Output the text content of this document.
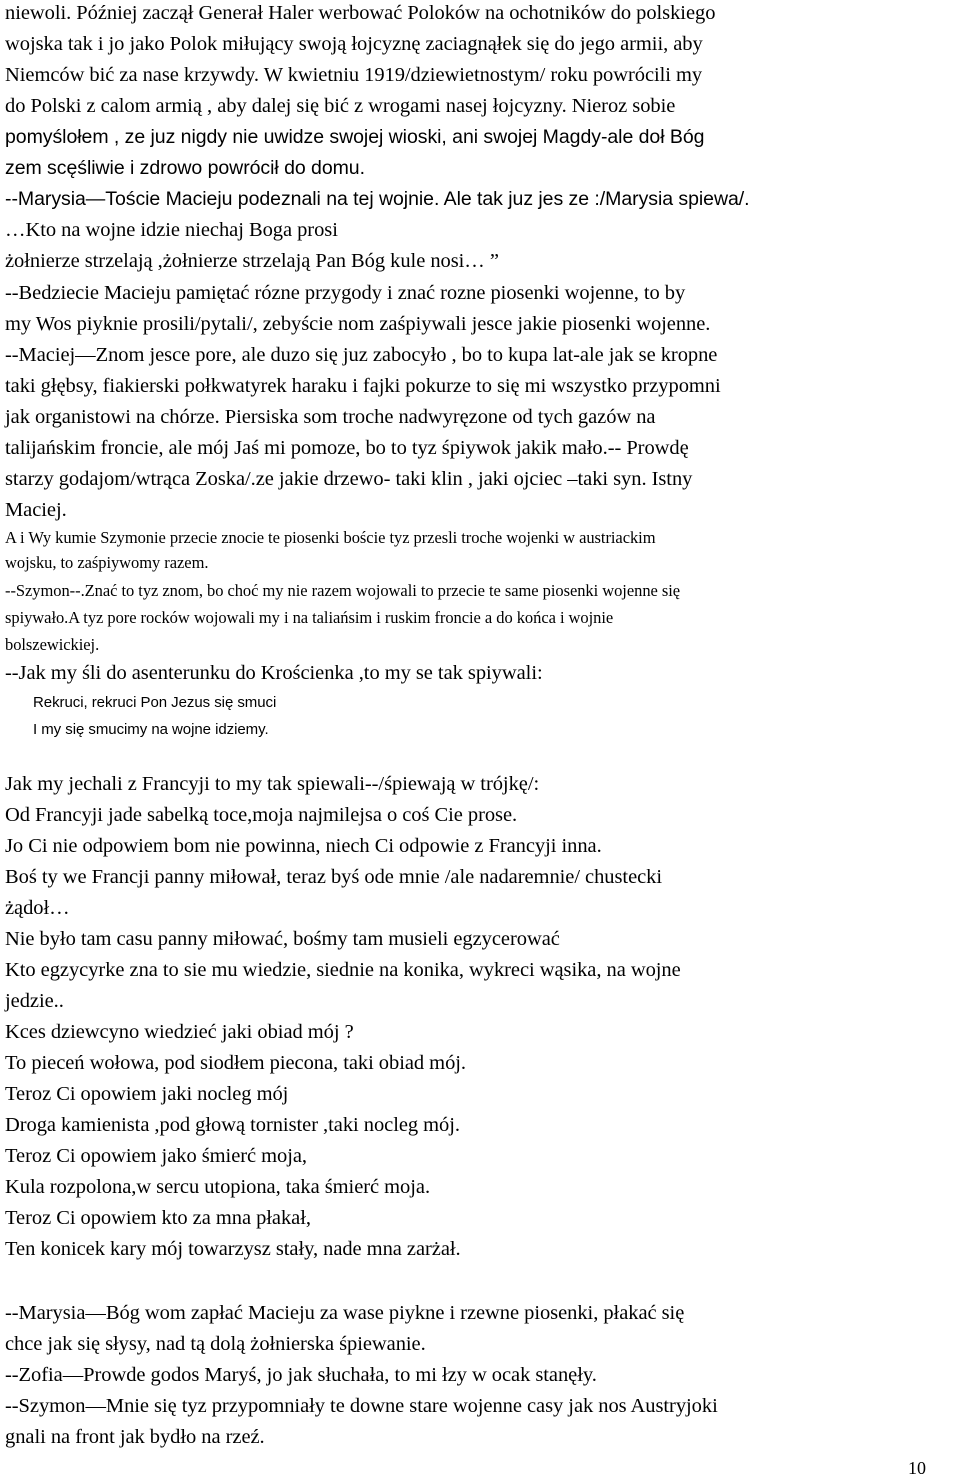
niewoli. Później zaczął Generał Haler werbować Poloków na ochotników do polskiego
wojska tak i jo jako Polok miłujący swoją łojcyznę zaciagnąłek się do jego armii, aby
Niemców bić za nase krzywdy. W kwietniu 1919/dziewietnostym/ roku powrócili my
do Polski z calom armią , aby dalej się bić z wrogami nasej łojcyzny. Nieroz sobie
pomyślołem , ze juz nigdy nie uwidze swojej wioski, ani swojej Magdy-ale doł Bóg
zem scęśliwie i zdrowo powrócił do domu.
--Marysia—Toście Macieju podeznali na tej wojnie. Ale tak juz jes ze :/Marysia spiewa/.
…Kto na wojne idzie niechaj Boga prosi
żołnierze strzelają ,żołnierze strzelają Pan Bóg kule nosi… ”
--Bedziecie Macieju pamiętać rózne przygody i znać rozne piosenki wojenne, to by
my Wos piyknie prosili/pytali/, zebyście nom zaśpiywali jesce jakie piosenki wojenne.
--Maciej—Znom jesce pore, ale duzo się juz zabocyło , bo to kupa lat-ale jak se kropne
taki głębsy, fiakierski połkwatyrek haraku i fajki pokurze to się mi wszystko przypomni
jak organistowi na chórze. Piersiska som troche nadwyręzone od tych gazów na
talijańskim froncie, ale mój Jaś mi pomoze, bo to tyz śpiywok jakik mało.-- Prowdę
starzy godajom/wtrąca Zoska/.ze jakie drzewo- taki klin , jaki ojciec –taki syn. Istny
Maciej.
A i Wy kumie Szymonie przecie znocie te piosenki boście tyz przesli troche wojenki w austriackim
wojsku, to zaśpiywomy razem.
--Szymon--.Znać to tyz znom, bo choć my nie razem wojowali to przecie te same piosenki wojenne się
spiywało.A tyz pore rocków wojowali my i na taliańsim i ruskim froncie a do końca i wojnie
bolszewickiej.
--Jak my śli do asenterunku do Krościenka ,to my se tak spiywali:
Rekruci, rekruci Pon Jezus się smuci
I my się smucimy na wojne idziemy.
Jak my jechali z Francyji to my tak spiewali--/śpiewają w trójkę/:
Od Francyji jade sabelką toce,moja najmilejsa o coś Cie prose.
Jo Ci nie odpowiem bom nie powinna, niech Ci odpowie z Francyji inna.
Boś ty we Francji panny miłował, teraz byś ode mnie /ale nadaremnie/ chustecki
żądoł…
Nie było tam casu panny miłować, bośmy tam musieli egzycerować
Kto egzycyrke zna to sie mu wiedzie, siednie na konika, wykreci wąsika, na wojne
jedzie..
Kces dziewcyno wiedzieć jaki obiad mój ?
To pieceń wołowa, pod siodłem piecona, taki obiad mój.
Teroz Ci opowiem jaki nocleg mój
Droga kamienista ,pod głową tornister ,taki nocleg mój.
Teroz Ci opowiem jako śmierć moja,
Kula rozpolona,w sercu utopiona, taka śmierć moja.
Teroz Ci opowiem kto za mna płakał,
Ten konicek kary mój towarzysz stały, nade mna zarżał.
--Marysia—Bóg wom zapłać Macieju za wase piykne i rzewne piosenki, płakać się
chce jak się słysy, nad tą dolą żołnierska śpiewanie.
--Zofia—Prowde godos Maryś, jo jak słuchała, to mi łzy w ocak stanęły.
--Szymon—Mnie się tyz przypomniały te downe stare wojenne casy jak nos Austryjoki
gnali na front jak bydło na rzeź.
10
